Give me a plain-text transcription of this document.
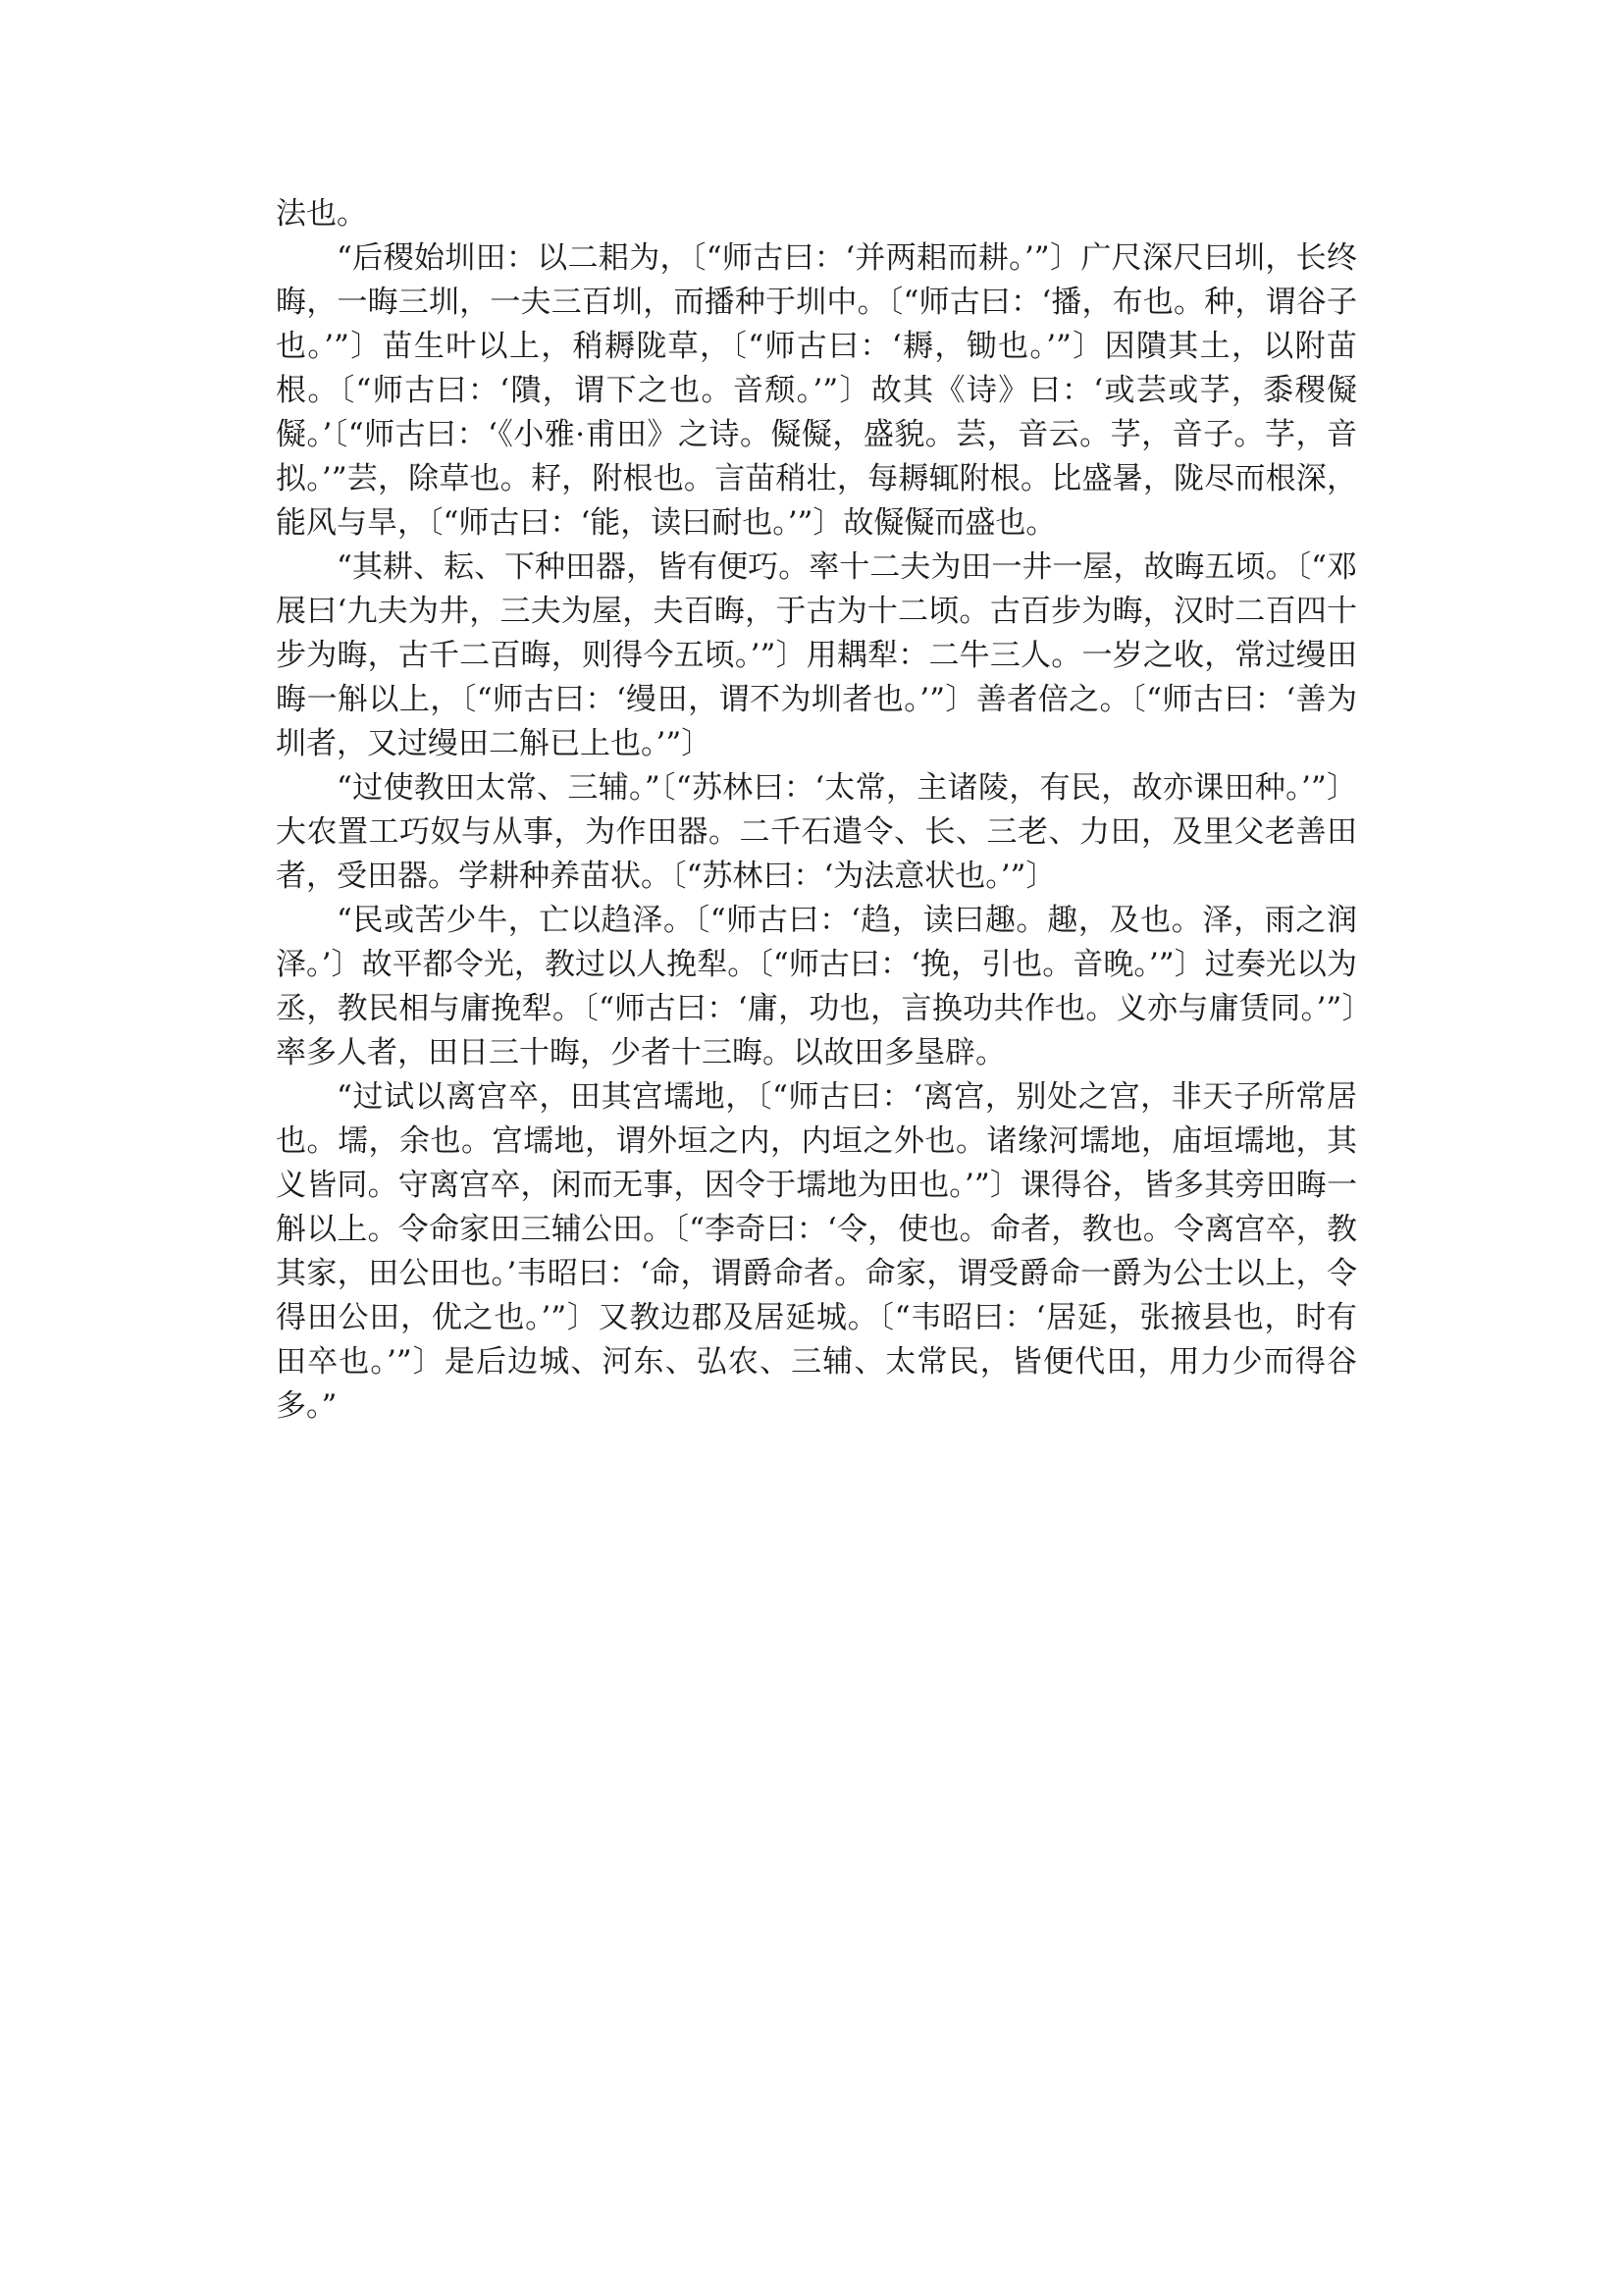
法也。

“后稷始圳田：以二耜为，〔“师古曰：‘并两耜而耕。’”〕广尺深尺曰圳，长终晦，一晦三圳，一夫三百圳，而播种于圳中。〔“师古曰：‘播，布也。种，谓谷子也。’”〕苗生叶以上，稍耨陇草，〔“师古曰：‘耨，锄也。’”〕因隤其土，以附苗根。〔“师古曰：‘隤，谓下之也。音颓。’”〕故其《诗》曰：‘或芸或芓，黍稷儗儗。’〔“师古曰：‘《小雅·甫田》之诗。儗儗，盛貌。芸，音云。芓，音子。芓，音拟。’”芸，除草也。耔，附根也。言苗稍壮，每耨辄附根。比盛暑，陇尽而根深，能风与旱，〔“师古曰：‘能，读曰耐也。’”〕故儗儗而盛也。

“其耕、耘、下种田器，皆有便巧。率十二夫为田一井一屋，故晦五顷。〔“邓展曰‘九夫为井，三夫为屋，夫百晦，于古为十二顷。古百步为晦，汉时二百四十步为晦，古千二百晦，则得今五顷。’”〕用耦犁：二牛三人。一岁之收，常过缦田晦一斛以上，〔“师古曰：‘缦田，谓不为圳者也。’”〕善者倍之。〔“师古曰：‘善为圳者，又过缦田二斛已上也。’”〕

“过使教田太常、三辅。”〔“苏林曰：‘太常，主诸陵，有民，故亦课田种。’”〕大农置工巧奴与从事，为作田器。二千石遣令、长、三老、力田，及里父老善田者，受田器。学耕种养苗状。〔“苏林曰：‘为法意状也。’”〕

“民或苦少牛，亡以趋泽。〔“师古曰：‘趋，读曰趣。趣，及也。泽，雨之润泽。’〕故平都令光，教过以人挽犁。〔“师古曰：‘挽，引也。音晚。’”〕过奏光以为丞，教民相与庸挽犁。〔“师古曰：‘庸，功也，言换功共作也。义亦与庸赁同。’”〕率多人者，田日三十晦，少者十三晦。以故田多垦辟。

“过试以离宫卒，田其宫壖地，〔“师古曰：‘离宫，别处之宫，非天子所常居也。壖，余也。宫壖地，谓外垣之内，内垣之外也。诸缘河壖地，庙垣壖地，其义皆同。守离宫卒，闲而无事，因令于壖地为田也。’”〕课得谷，皆多其旁田晦一斛以上。令命家田三辅公田。〔“李奇曰：‘令，使也。命者，教也。令离宫卒，教其家，田公田也。’韦昭曰：‘命，谓爵命者。命家，谓受爵命一爵为公士以上，令得田公田，优之也。’”〕又教边郡及居延城。〔“韦昭曰：‘居延，张掖县也，时有田卒也。’”〕是后边城、河东、弘农、三辅、太常民，皆便代田，用力少而得谷多。”
